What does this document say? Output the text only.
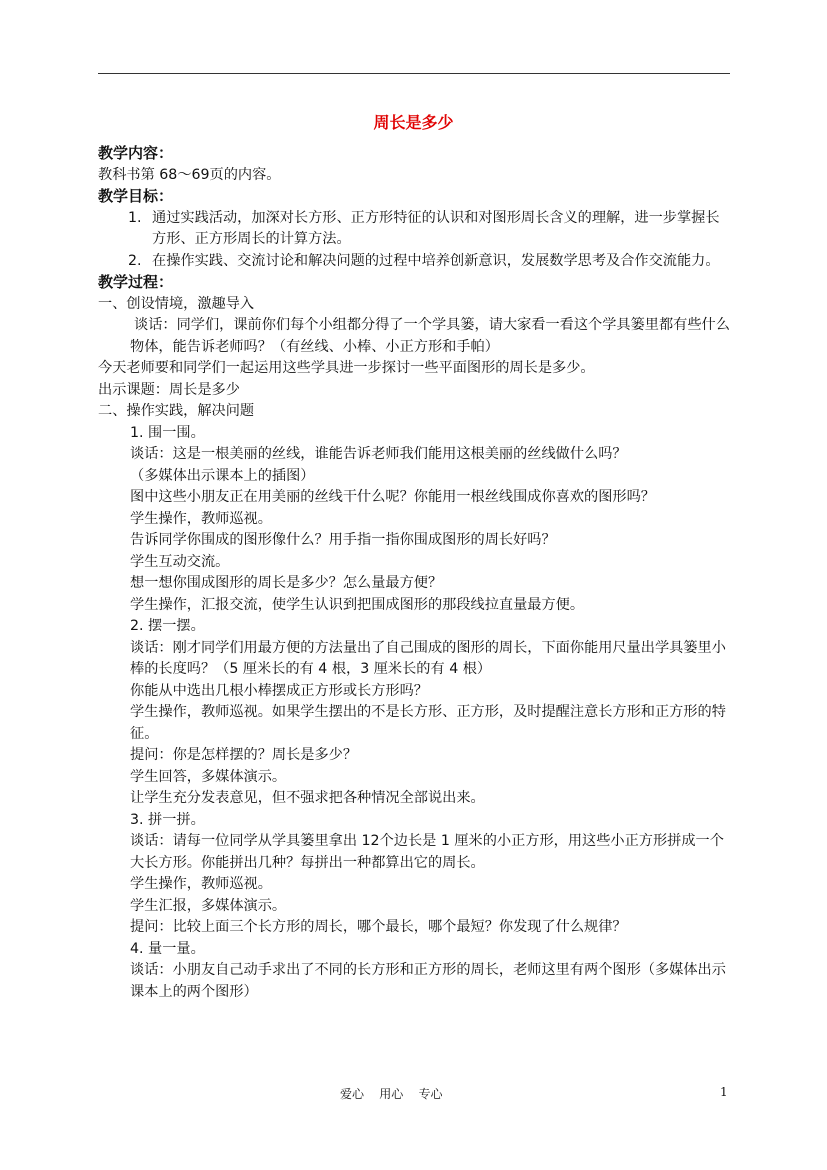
周长是多少
教学内容：
教科书第 68～69页的内容。
教学目标：
1. 通过实践活动，加深对长方形、正方形特征的认识和对图形周长含义的理解，进一步掌握长方形、正方形周长的计算方法。
2. 在操作实践、交流讨论和解决问题的过程中培养创新意识，发展数学思考及合作交流能力。
教学过程：
一、创设情境，激趣导入
谈话：同学们，课前你们每个小组都分得了一个学具篓，请大家看一看这个学具篓里都有些什么物体，能告诉老师吗？（有丝线、小棒、小正方形和手帕）
今天老师要和同学们一起运用这些学具进一步探讨一些平面图形的周长是多少。
出示课题：周长是多少
二、操作实践，解决问题
1. 围一围。
谈话：这是一根美丽的丝线，谁能告诉老师我们能用这根美丽的丝线做什么吗？
（多媒体出示课本上的插图）
图中这些小朋友正在用美丽的丝线干什么呢？你能用一根丝线围成你喜欢的图形吗？
学生操作，教师巡视。
告诉同学你围成的图形像什么？用手指一指你围成图形的周长好吗？
学生互动交流。
想一想你围成图形的周长是多少？怎么量最方便？
学生操作，汇报交流，使学生认识到把围成图形的那段线拉直量最方便。
2. 摆一摆。
谈话：刚才同学们用最方便的方法量出了自己围成的图形的周长，下面你能用尺量出学具篓里小棒的长度吗？（5 厘米长的有 4 根，3 厘米长的有 4 根）
你能从中选出几根小棒摆成正方形或长方形吗？
学生操作，教师巡视。如果学生摆出的不是长方形、正方形，及时提醒注意长方形和正方形的特征。
提问：你是怎样摆的？周长是多少？
学生回答，多媒体演示。
让学生充分发表意见，但不强求把各种情况全部说出来。
3. 拼一拼。
谈话：请每一位同学从学具篓里拿出 12个边长是 1 厘米的小正方形，用这些小正方形拼成一个大长方形。你能拼出几种？每拼出一种都算出它的周长。
学生操作，教师巡视。
学生汇报，多媒体演示。
提问：比较上面三个长方形的周长，哪个最长，哪个最短？你发现了什么规律？
4. 量一量。
谈话：小朋友自己动手求出了不同的长方形和正方形的周长，老师这里有两个图形（多媒体出示课本上的两个图形）
爱心    用心    专心	1
